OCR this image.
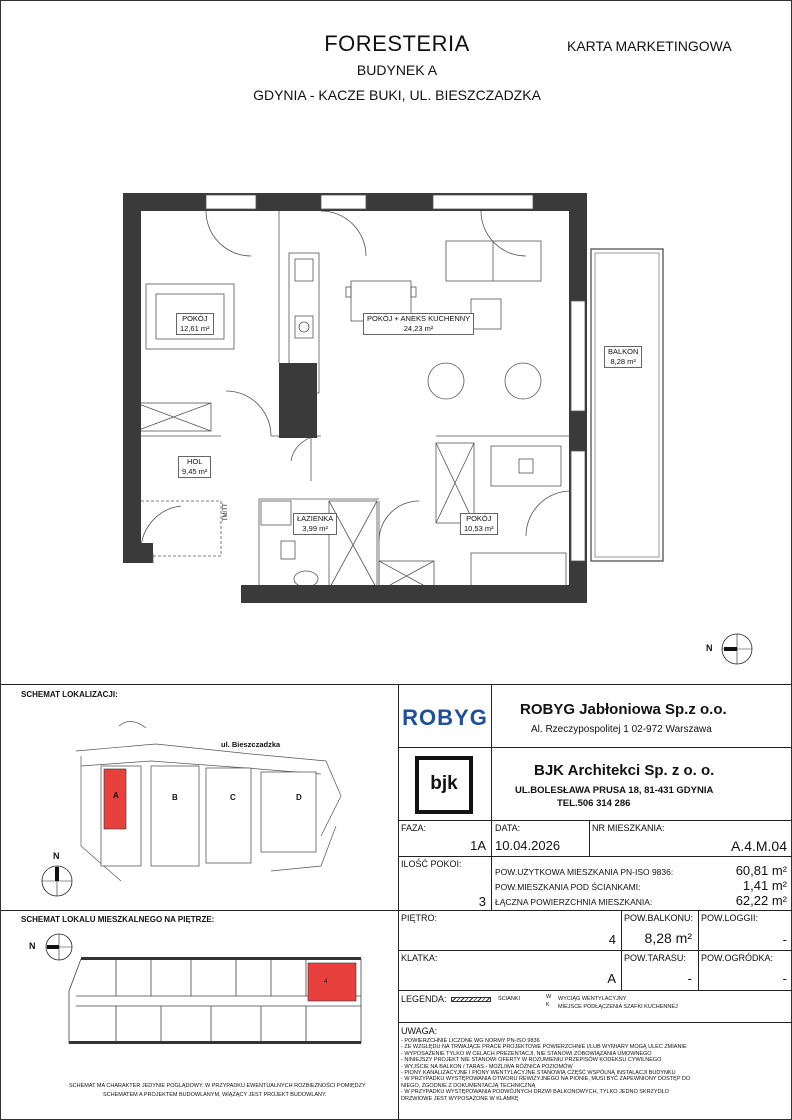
FORESTERIA
BUDYNEK A
GDYNIA - KACZE BUKI, UL. BIESZCZADZKA
KARTA MARKETINGOWA
POKÓJ
12,61 m²
POKÓJ + ANEKS KUCHENNY
24,23 m²
BALKON
8,28 m²
HOL
9,45 m²
ŁAZIENKA
3,99 m²
POKÓJ
10,53 m²
TM/TT
N
SCHEMAT LOKALIZACJI:
ul. Bieszczadzka
A	B	C	D
N
SCHEMAT LOKALU MIESZKALNEGO NA PIĘTRZE:
N
4
SCHEMAT MA CHARAKTER JEDYNIE POGLĄDOWY. W PRZYPADKU EWENTUALNYCH ROZBIEŻNOŚCI POMIĘDZY
SCHEMATEM A PROJEKTEM BUDOWLANYM, WIĄŻĄCY JEST PROJEKT BUDOWLANY.
ROBYG ROBYG Jabłoniowa Sp.z o.o.
Al. Rzeczypospolitej 1 02-972 Warszawa
bjk
BJK Architekci Sp. z o. o.
UL.BOLESŁAWA PRUSA 18, 81-431 GDYNIA
TEL.506 314 286
FAZA:
1A
DATA:
10.04.2026
NR MIESZKANIA:
A.4.M.04
ILOŚĆ POKOI:
3
POW.UŻYTKOWA MIESZKANIA PN-ISO 9836:	60,81 m²
POW.MIESZKANIA POD ŚCIANKAMI:	1,41 m²
ŁĄCZNA POWIERZCHNIA MIESZKANIA:	62,22 m²
PIĘTRO:
4
POW.BALKONU:
8,28 m²
POW.LOGGII:
-
KLATKA:
A
POW.TARASU:
-
POW.OGRÓDKA:
-
LEGENDA:	ŚCIANKI	W WYCIĄG WENTYLACYJNY
K MIEJSCE PODŁĄCZENIA SZAFKI KUCHENNEJ
UWAGA:
- POWIERZCHNIE LICZONE WG NORMY PN-ISO 9836
- ZE WZGLĘDU NA TRWAJĄCE PRACE PROJEKTOWE POWIERZCHNIE I/LUB WYMIARY MOGĄ ULEC ZMIANIE
- WYPOSAŻENIE TYLKO W CELACH PREZENTACJI, NIE STANOWI ZOBOWIĄZANIA UMOWNEGO
- NINIEJSZY PROJEKT NIE STANOWI OFERTY W ROZUMIENIU PRZEPISÓW KODEKSU CYWILNEGO
- WYJŚCIE NA BALKON / TARAS - MOŻLIWA RÓŻNICA POZIOMÓW
- PIONY KANALIZACYJNE I PIONY WENTYLACYJNE STANOWIĄ CZĘŚĆ WSPÓLNĄ INSTALACJI BUDYNKU
- W PRZYPADKU WYSTĘPOWANIA OTWORU REWIZYJNEGO NA PIONIE, MUSI BYĆ ZAPEWNIONY DOSTĘP DO NIEGO, ZGODNIE Z DOKUMENTACJĄ TECHNICZNĄ
- W PRZYPADKU WYSTĘPOWANIA PODWÓJNYCH DRZWI BALKONOWYCH, TYLKO JEDNO SKRZYDŁO DRZWIOWE JEST WYPOSAŻONE W KLAMKĘ
